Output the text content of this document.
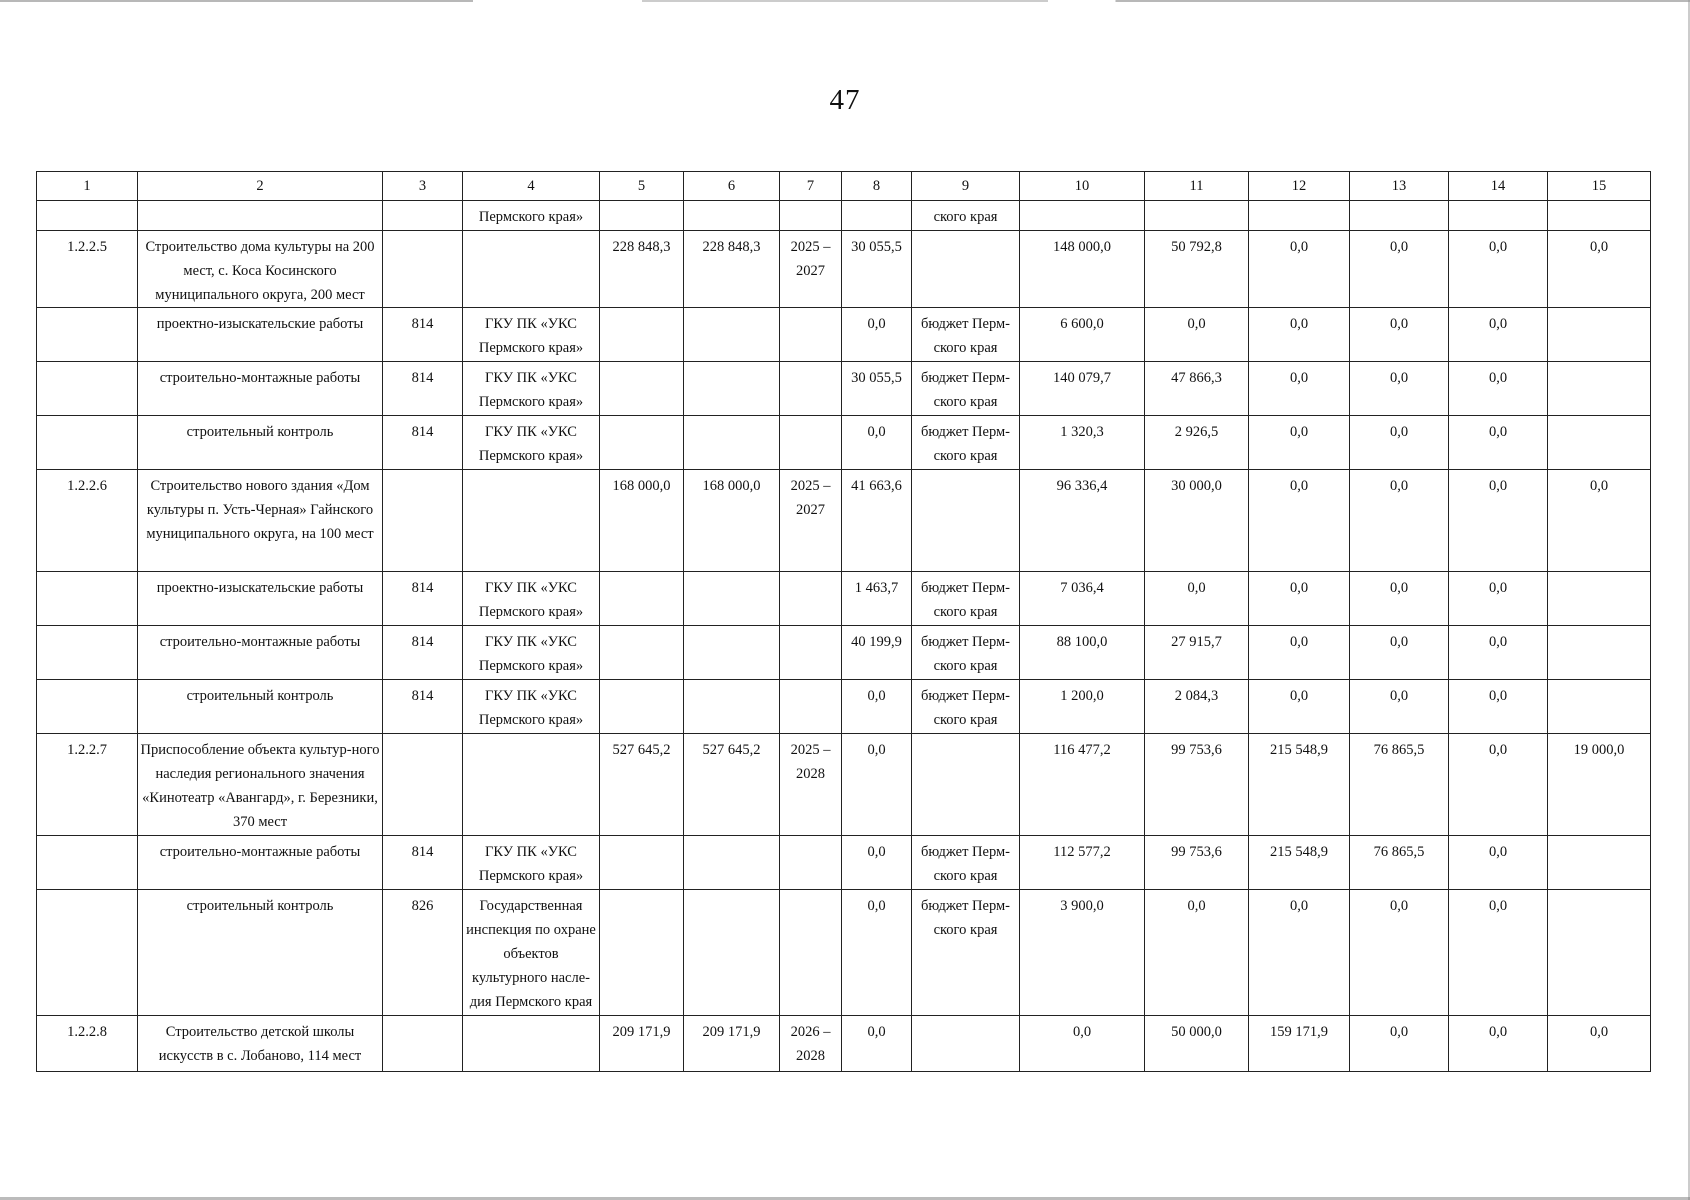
47
1	2	3	4	5	6	7	8	9	10	11	12	13	14	15
			Пермского края»					ского края						
1.2.2.5	Строительство дома культуры на 200 мест, с. Коса Косинского муниципального округа, 200 мест			228 848,3	228 848,3	2025 – 2027	30 055,5		148 000,0	50 792,8	0,0	0,0	0,0	0,0
	проектно-изыскательские работы	814	ГКУ ПК «УКС Пермского края»				0,0	бюджет Перм-ского края	6 600,0	0,0	0,0	0,0	0,0	
	строительно-монтажные работы	814	ГКУ ПК «УКС Пермского края»				30 055,5	бюджет Перм-ского края	140 079,7	47 866,3	0,0	0,0	0,0	
	строительный контроль	814	ГКУ ПК «УКС Пермского края»				0,0	бюджет Перм-ского края	1 320,3	2 926,5	0,0	0,0	0,0	
1.2.2.6	Строительство нового здания «Дом культуры п. Усть-Черная» Гайнского муниципального округа, на 100 мест			168 000,0	168 000,0	2025 – 2027	41 663,6		96 336,4	30 000,0	0,0	0,0	0,0	0,0
	проектно-изыскательские работы	814	ГКУ ПК «УКС Пермского края»				1 463,7	бюджет Перм-ского края	7 036,4	0,0	0,0	0,0	0,0	
	строительно-монтажные работы	814	ГКУ ПК «УКС Пермского края»				40 199,9	бюджет Перм-ского края	88 100,0	27 915,7	0,0	0,0	0,0	
	строительный контроль	814	ГКУ ПК «УКС Пермского края»				0,0	бюджет Перм-ского края	1 200,0	2 084,3	0,0	0,0	0,0	
1.2.2.7	Приспособление объекта культур-ного наследия регионального значения «Кинотеатр «Авангард», г. Березники, 370 мест			527 645,2	527 645,2	2025 – 2028	0,0		116 477,2	99 753,6	215 548,9	76 865,5	0,0	19 000,0
	строительно-монтажные работы	814	ГКУ ПК «УКС Пермского края»				0,0	бюджет Перм-ского края	112 577,2	99 753,6	215 548,9	76 865,5	0,0	
	строительный контроль	826	Государственная инспекция по охране объектов культурного насле-дия Пермского края				0,0	бюджет Перм-ского края	3 900,0	0,0	0,0	0,0	0,0	
1.2.2.8	Строительство детской школы искусств в с. Лобаново, 114 мест			209 171,9	209 171,9	2026 – 2028	0,0		0,0	50 000,0	159 171,9	0,0	0,0	0,0
